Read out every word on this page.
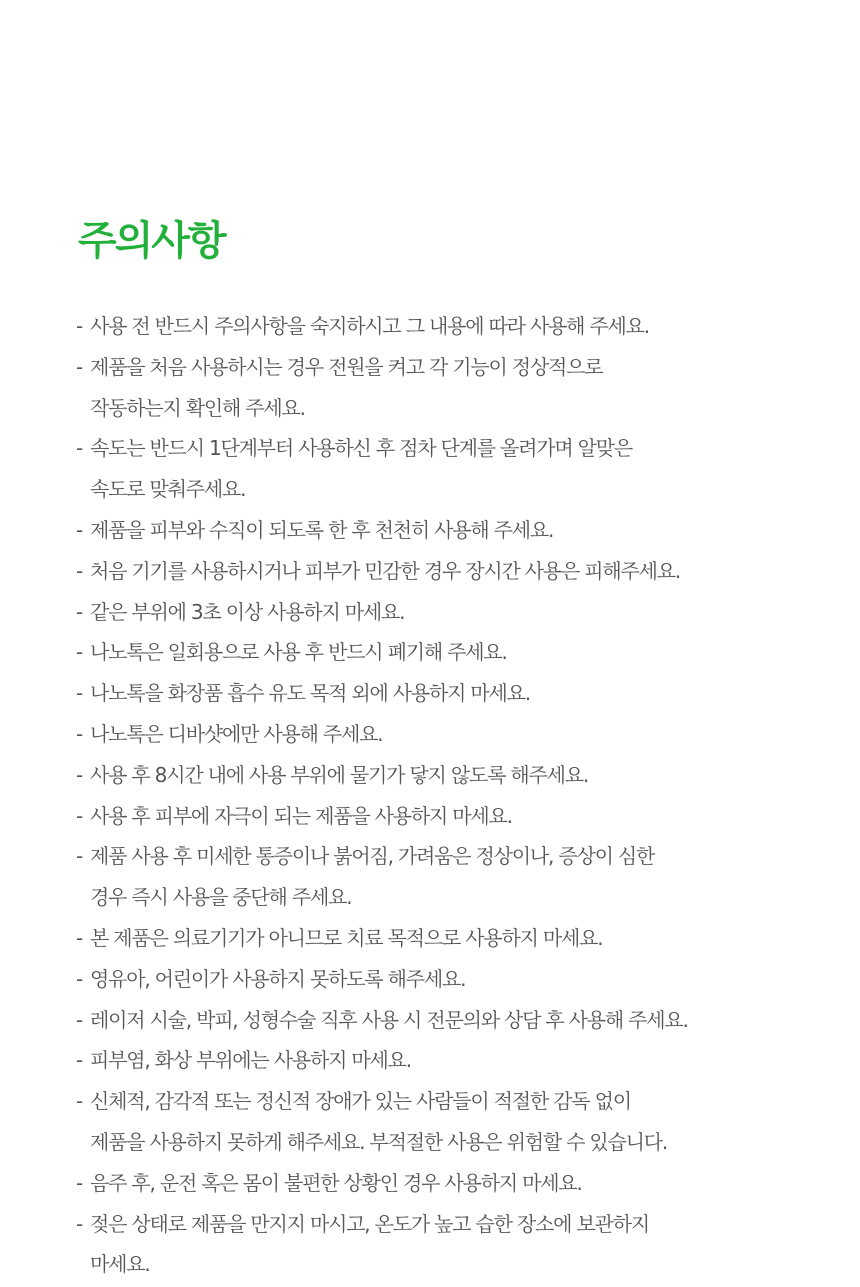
주의사항
- 사용 전 반드시 주의사항을 숙지하시고 그 내용에 따라 사용해 주세요.
- 제품을 처음 사용하시는 경우 전원을 켜고 각 기능이 정상적으로
작동하는지 확인해 주세요.
- 속도는 반드시 1단계부터 사용하신 후 점차 단계를 올려가며 알맞은
속도로 맞춰주세요.
- 제품을 피부와 수직이 되도록 한 후 천천히 사용해 주세요.
- 처음 기기를 사용하시거나 피부가 민감한 경우 장시간 사용은 피해주세요.
- 같은 부위에 3초 이상 사용하지 마세요.
- 나노톡은 일회용으로 사용 후 반드시 폐기해 주세요.
- 나노톡을 화장품 흡수 유도 목적 외에 사용하지 마세요.
- 나노톡은 디바샷에만 사용해 주세요.
- 사용 후 8시간 내에 사용 부위에 물기가 닿지 않도록 해주세요.
- 사용 후 피부에 자극이 되는 제품을 사용하지 마세요.
- 제품 사용 후 미세한 통증이나 붉어짐, 가려움은 정상이나, 증상이 심한
경우 즉시 사용을 중단해 주세요.
- 본 제품은 의료기기가 아니므로 치료 목적으로 사용하지 마세요.
- 영유아, 어린이가 사용하지 못하도록 해주세요.
- 레이저 시술, 박피, 성형수술 직후 사용 시 전문의와 상담 후 사용해 주세요.
- 피부염, 화상 부위에는 사용하지 마세요.
- 신체적, 감각적 또는 정신적 장애가 있는 사람들이 적절한 감독 없이
제품을 사용하지 못하게 해주세요. 부적절한 사용은 위험할 수 있습니다.
- 음주 후, 운전 혹은 몸이 불편한 상황인 경우 사용하지 마세요.
- 젖은 상태로 제품을 만지지 마시고, 온도가 높고 습한 장소에 보관하지
마세요.
